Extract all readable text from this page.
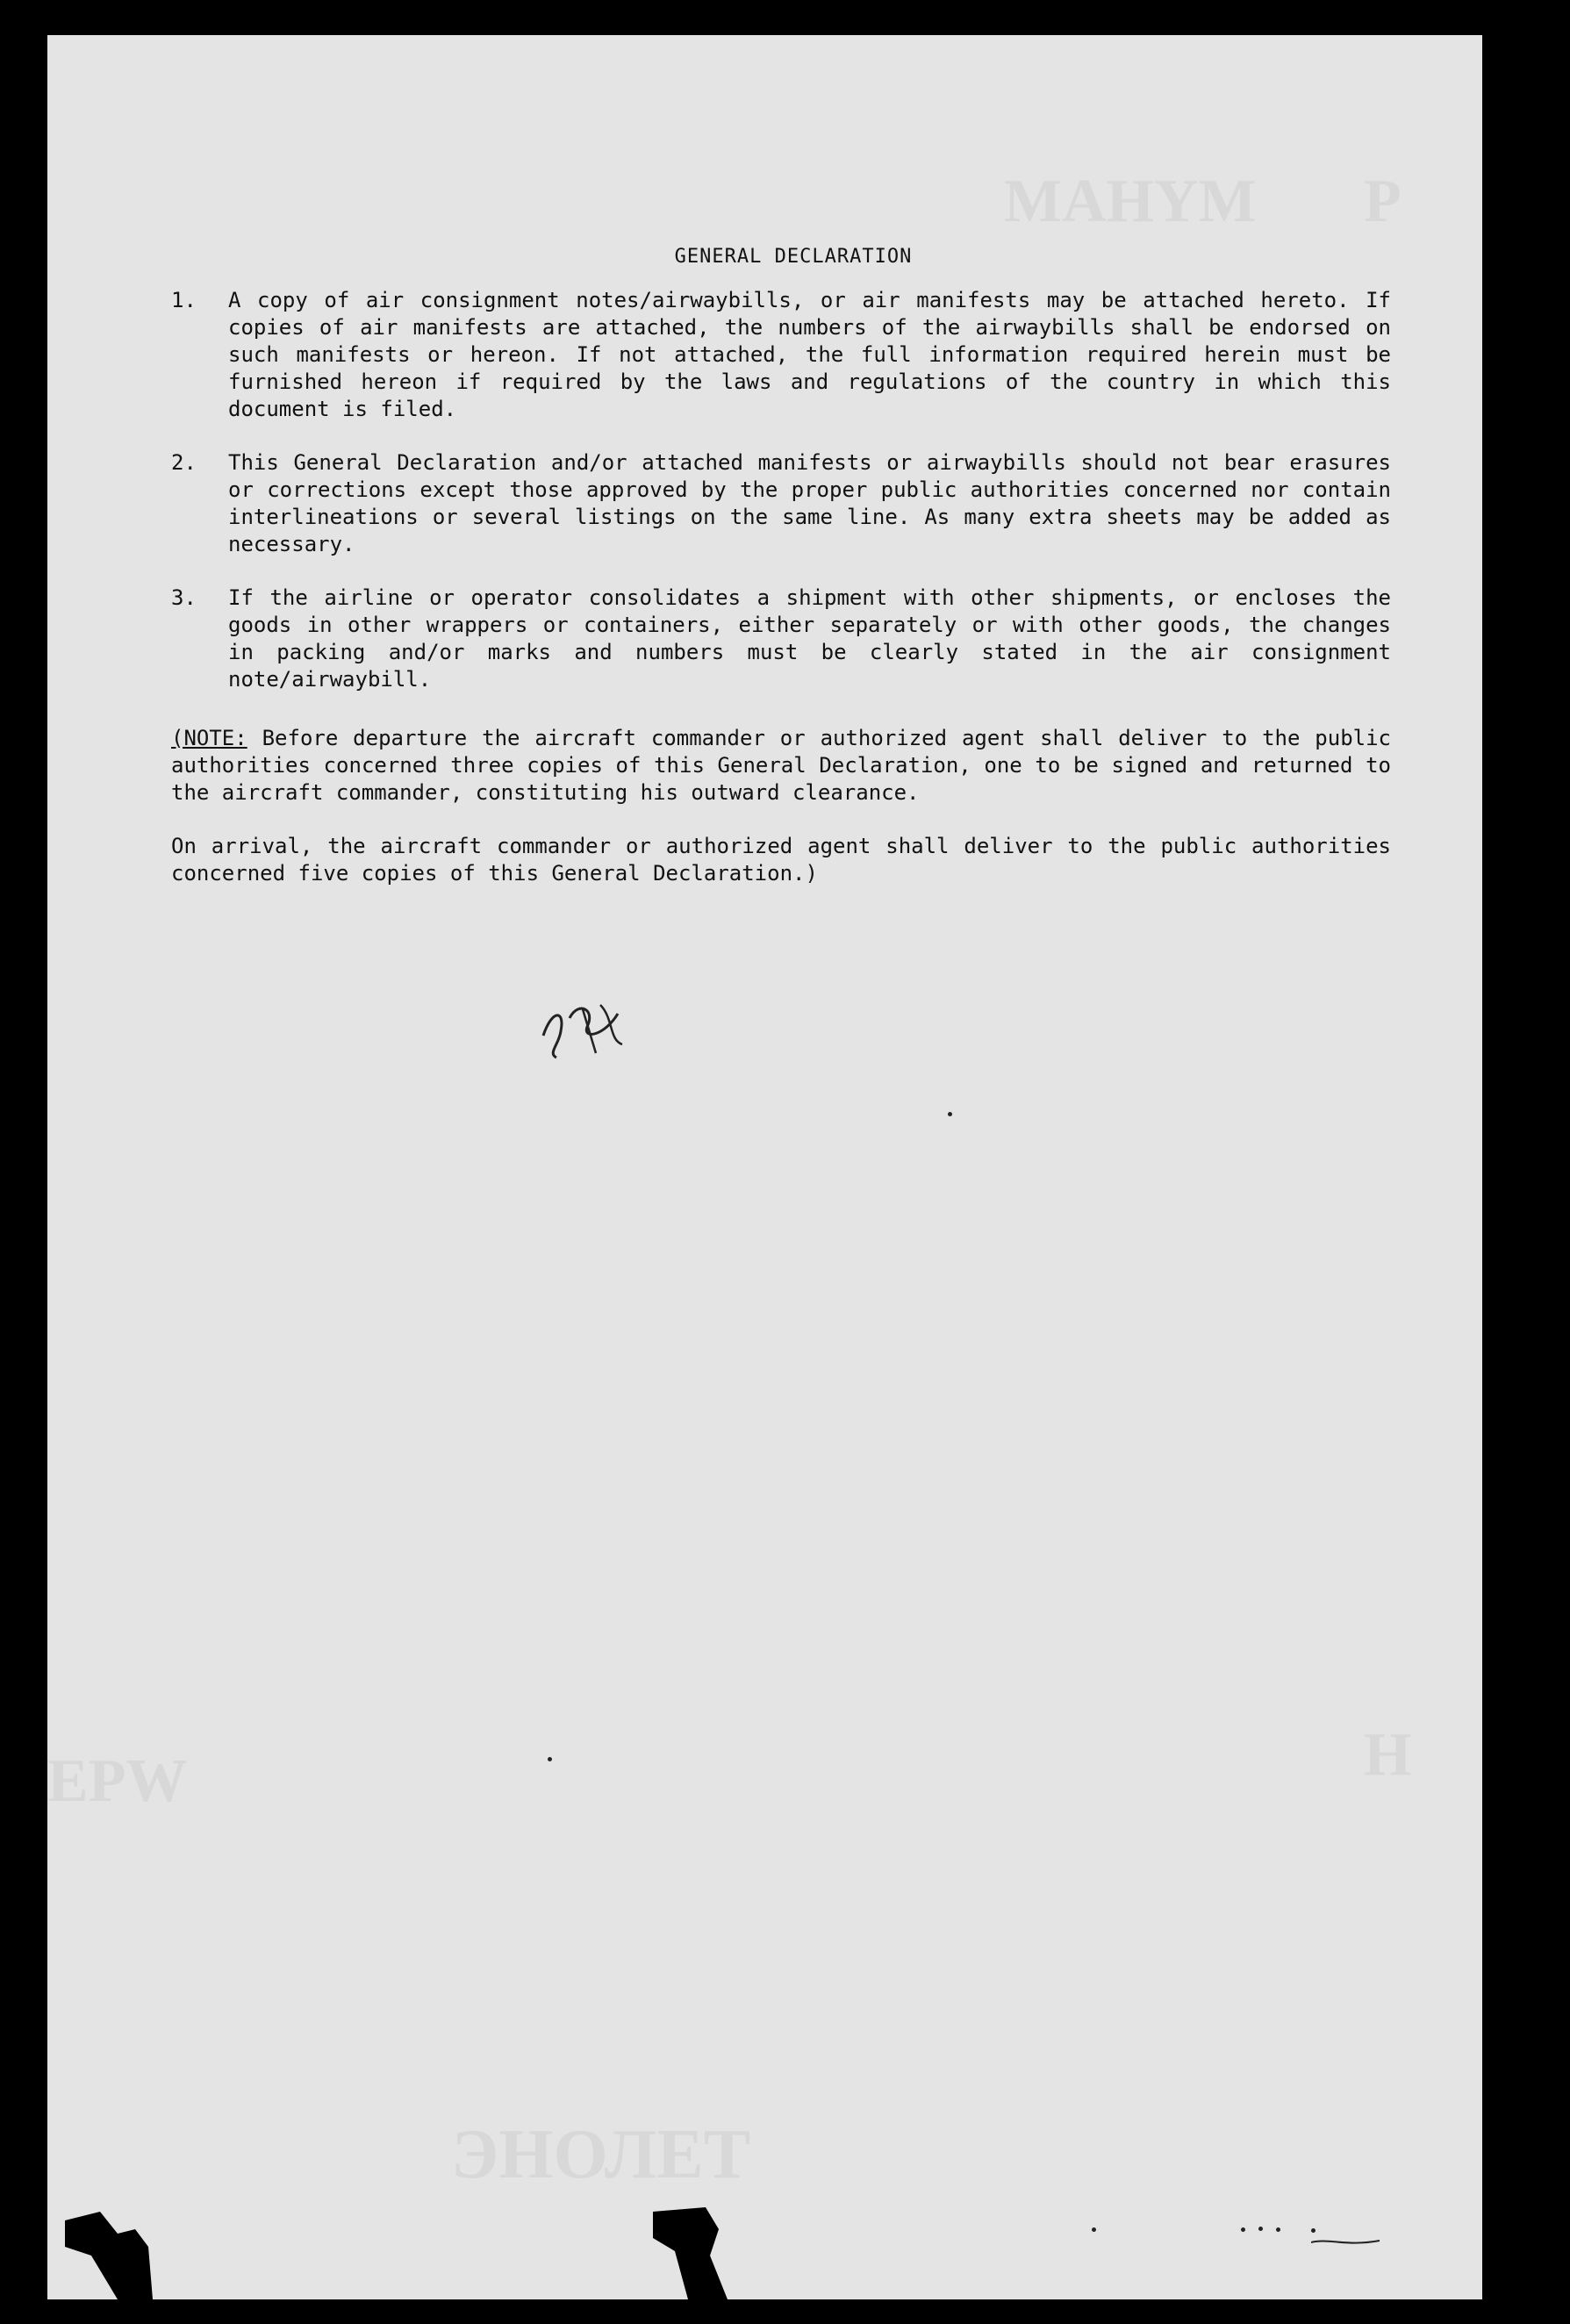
MAHYM P
EPW	H
ЭНОЛЕТ
GENERAL DECLARATION
1. A copy of air consignment notes/airwaybills, or air manifests may be attached hereto. If copies of air manifests are attached, the numbers of the airwaybills shall be endorsed on such manifests or hereon. If not attached, the full information required herein must be furnished hereon if required by the laws and regulations of the country in which this document is filed.
2. This General Declaration and/or attached manifests or airwaybills should not bear erasures or corrections except those approved by the proper public authorities concerned nor contain interlineations or several listings on the same line. As many extra sheets may be added as necessary.
3. If the airline or operator consolidates a shipment with other shipments, or encloses the goods in other wrappers or containers, either separately or with other goods, the changes in packing and/or marks and numbers must be clearly stated in the air consignment note/airwaybill.
(NOTE: Before departure the aircraft commander or authorized agent shall deliver to the public authorities concerned three copies of this General Declaration, one to be signed and returned to the aircraft commander, constituting his outward clearance.
On arrival, the aircraft commander or authorized agent shall deliver to the public authorities concerned five copies of this General Declaration.)
